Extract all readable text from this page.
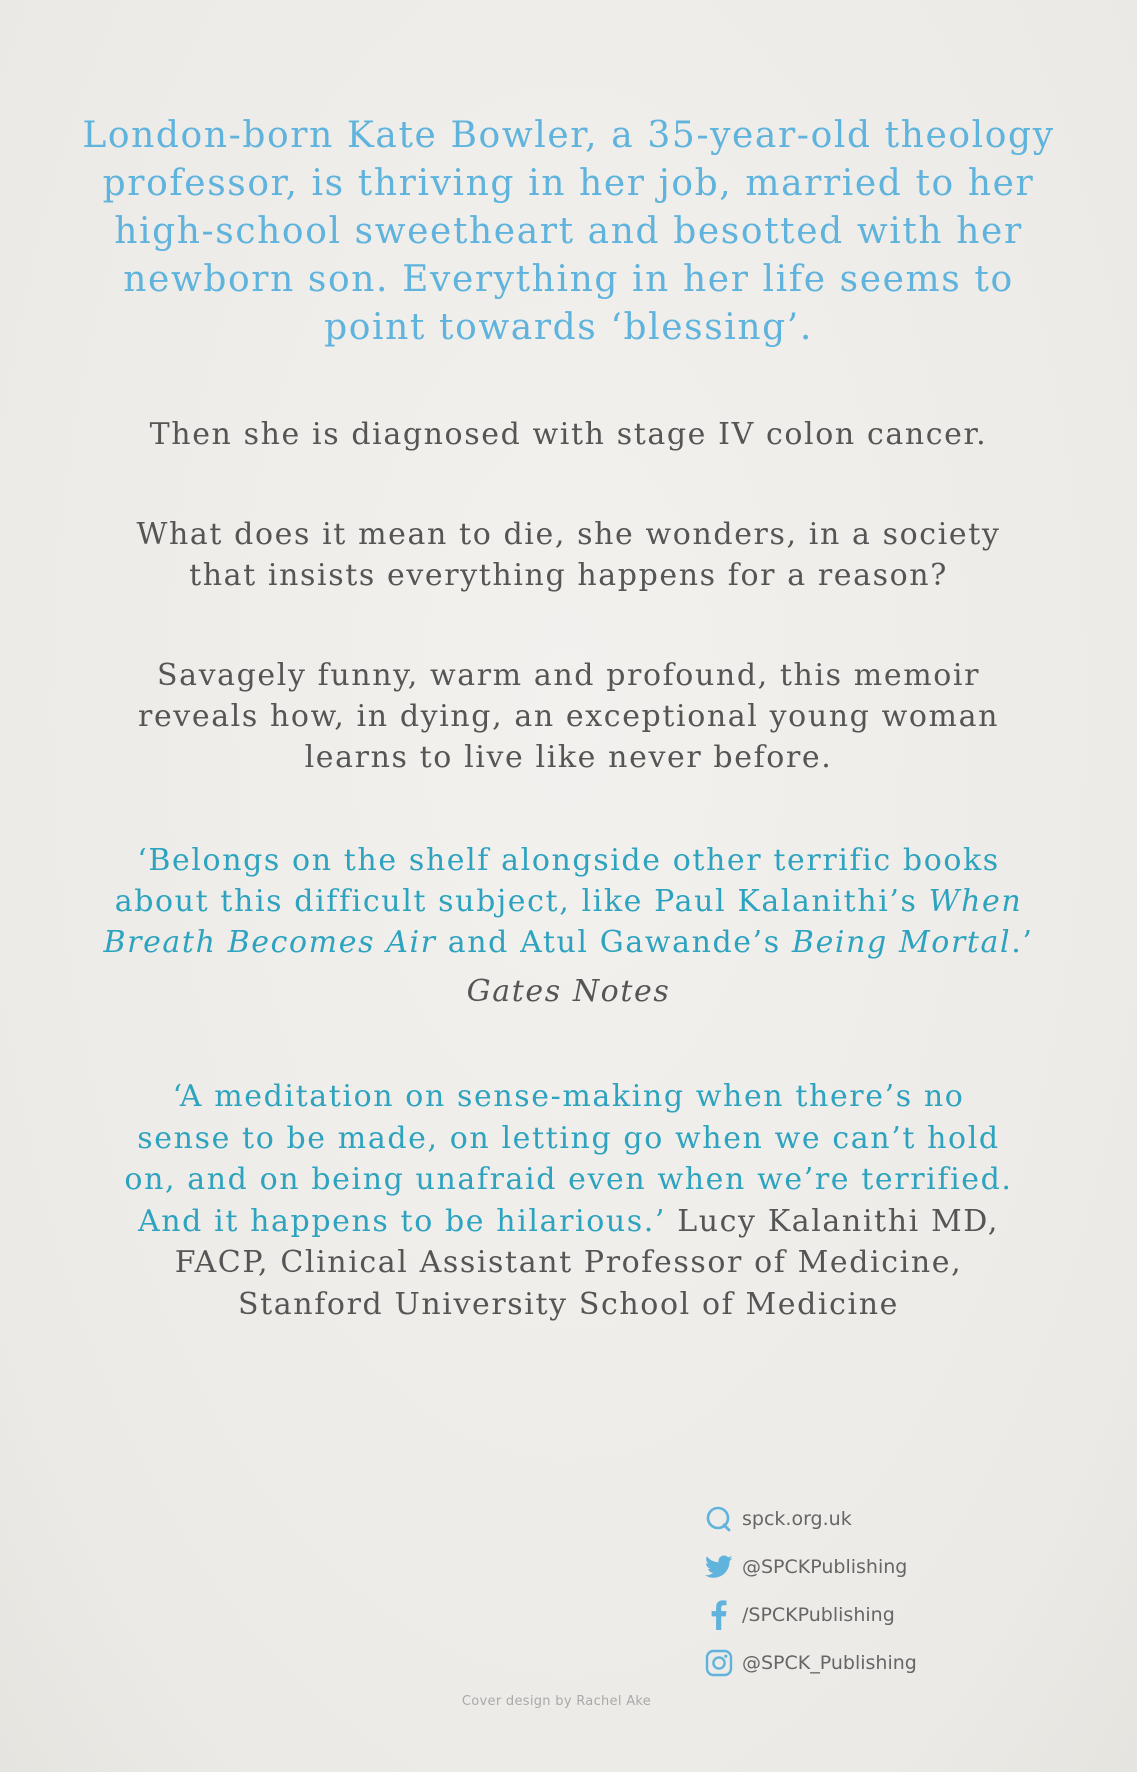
London-born Kate Bowler, a 35-year-old theology
professor, is thriving in her job, married to her
high-school sweetheart and besotted with her
newborn son. Everything in her life seems to
point towards ‘blessing’.
Then she is diagnosed with stage IV colon cancer.
What does it mean to die, she wonders, in a society
that insists everything happens for a reason?
Savagely funny, warm and profound, this memoir
reveals how, in dying, an exceptional young woman
learns to live like never before.
‘Belongs on the shelf alongside other terrific books
about this difficult subject, like Paul Kalanithi’s When
Breath Becomes Air and Atul Gawande’s Being Mortal.’
Gates Notes
‘A meditation on sense-making when there’s no
sense to be made, on letting go when we can’t hold
on, and on being unafraid even when we’re terrified.
And it happens to be hilarious.’ Lucy Kalanithi MD,
FACP, Clinical Assistant Professor of Medicine,
Stanford University School of Medicine
spck.org.uk
@SPCKPublishing
/SPCKPublishing
@SPCK_Publishing
Cover design by Rachel Ake
